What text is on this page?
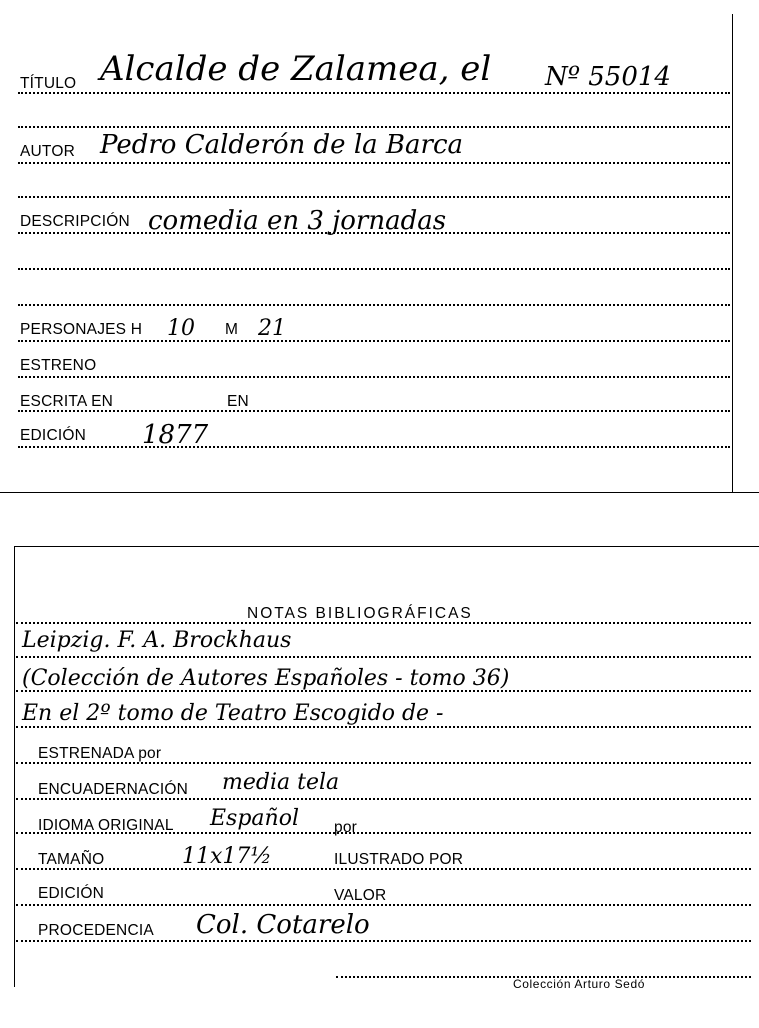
TÍTULO Alcalde de Zalamea, el Nº 55014
AUTOR Pedro Calderón de la Barca
DESCRIPCIÓN comedia en 3 jornadas
PERSONAJES H 10 M 21
ESTRENO
ESCRITA EN	EN
EDICIÓN 1877
NOTAS BIBLIOGRÁFICAS
Leipzig. F. A. Brockhaus
(Colección de Autores Españoles - tomo 36)
En el 2º tomo de Teatro Escogido de -
ESTRENADA por
ENCUADERNACIÓN media tela
IDIOMA ORIGINAL Español por
TAMAÑO	11x17½	ILUSTRADO POR
EDICIÓN	VALOR
PROCEDENCIA Col. Cotarelo
Colección Arturo Sedó
